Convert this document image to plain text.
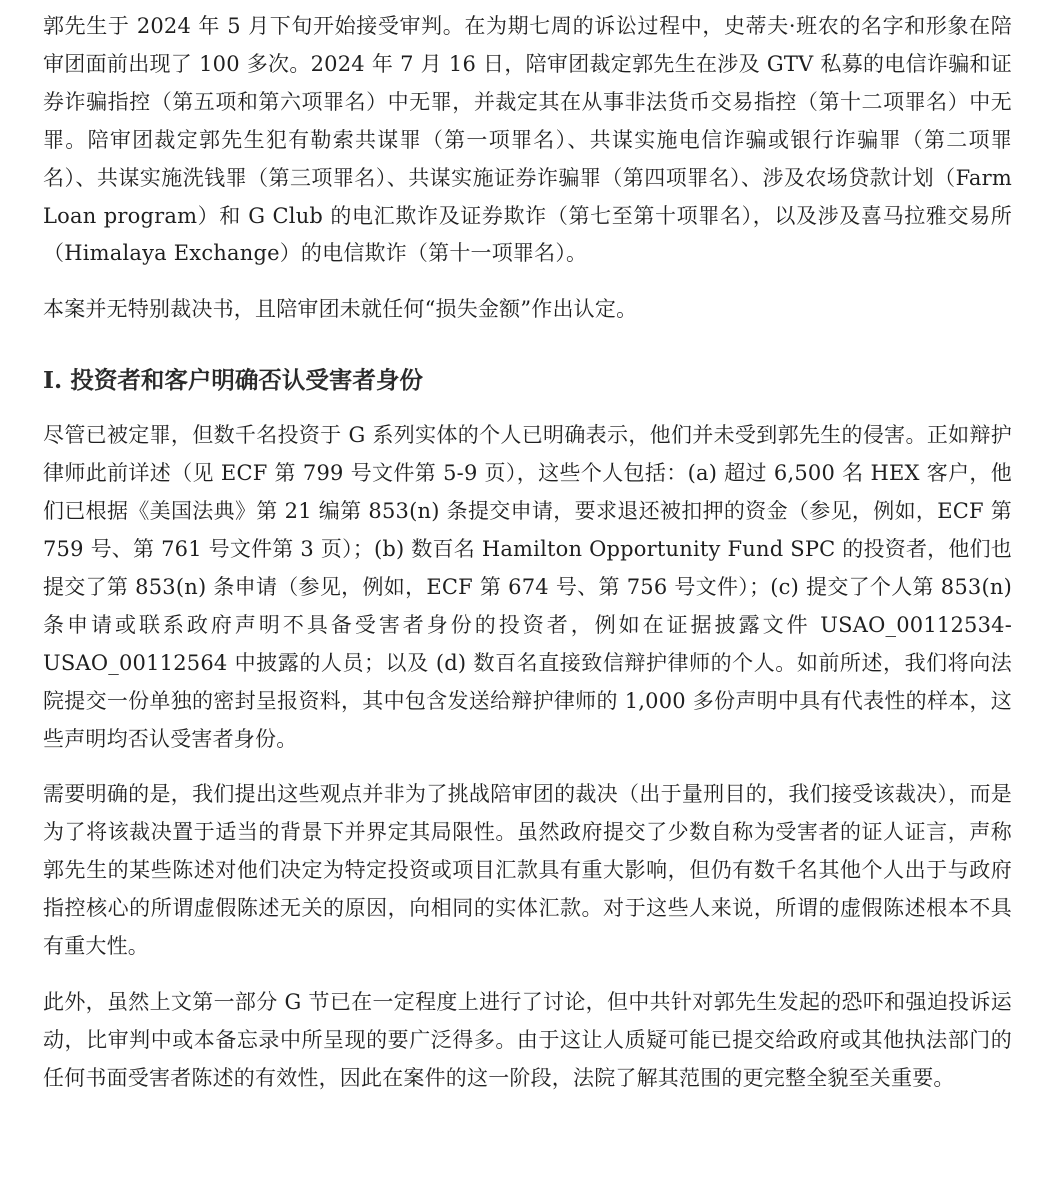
郭先生于 2024 年 5 月下旬开始接受审判。在为期七周的诉讼过程中，史蒂夫·班农的名字和形象在陪审团面前出现了 100 多次。2024 年 7 月 16 日，陪审团裁定郭先生在涉及 GTV 私募的电信诈骗和证券诈骗指控（第五项和第六项罪名）中无罪，并裁定其在从事非法货币交易指控（第十二项罪名）中无罪。陪审团裁定郭先生犯有勒索共谋罪（第一项罪名）、共谋实施电信诈骗或银行诈骗罪（第二项罪名）、共谋实施洗钱罪（第三项罪名）、共谋实施证券诈骗罪（第四项罪名）、涉及农场贷款计划（Farm Loan program）和 G Club 的电汇欺诈及证券欺诈（第七至第十项罪名），以及涉及喜马拉雅交易所（Himalaya Exchange）的电信欺诈（第十一项罪名）。

本案并无特别裁决书，且陪审团未就任何“损失金额”作出认定。

I. 投资者和客户明确否认受害者身份

尽管已被定罪，但数千名投资于 G 系列实体的个人已明确表示，他们并未受到郭先生的侵害。正如辩护律师此前详述（见 ECF 第 799 号文件第 5-9 页），这些个人包括：(a) 超过 6,500 名 HEX 客户，他们已根据《美国法典》第 21 编第 853(n) 条提交申请，要求退还被扣押的资金（参见，例如，ECF 第 759 号、第 761 号文件第 3 页）；(b) 数百名 Hamilton Opportunity Fund SPC 的投资者，他们也提交了第 853(n) 条申请（参见，例如，ECF 第 674 号、第 756 号文件）；(c) 提交了个人第 853(n) 条申请或联系政府声明不具备受害者身份的投资者，例如在证据披露文件 USAO_00112534-USAO_00112564 中披露的人员；以及 (d) 数百名直接致信辩护律师的个人。如前所述，我们将向法院提交一份单独的密封呈报资料，其中包含发送给辩护律师的 1,000 多份声明中具有代表性的样本，这些声明均否认受害者身份。

需要明确的是，我们提出这些观点并非为了挑战陪审团的裁决（出于量刑目的，我们接受该裁决），而是为了将该裁决置于适当的背景下并界定其局限性。虽然政府提交了少数自称为受害者的证人证言，声称郭先生的某些陈述对他们决定为特定投资或项目汇款具有重大影响，但仍有数千名其他个人出于与政府指控核心的所谓虚假陈述无关的原因，向相同的实体汇款。对于这些人来说，所谓的虚假陈述根本不具有重大性。

此外，虽然上文第一部分 G 节已在一定程度上进行了讨论，但中共针对郭先生发起的恐吓和强迫投诉运动，比审判中或本备忘录中所呈现的要广泛得多。由于这让人质疑可能已提交给政府或其他执法部门的任何书面受害者陈述的有效性，因此在案件的这一阶段，法院了解其范围的更完整全貌至关重要。
